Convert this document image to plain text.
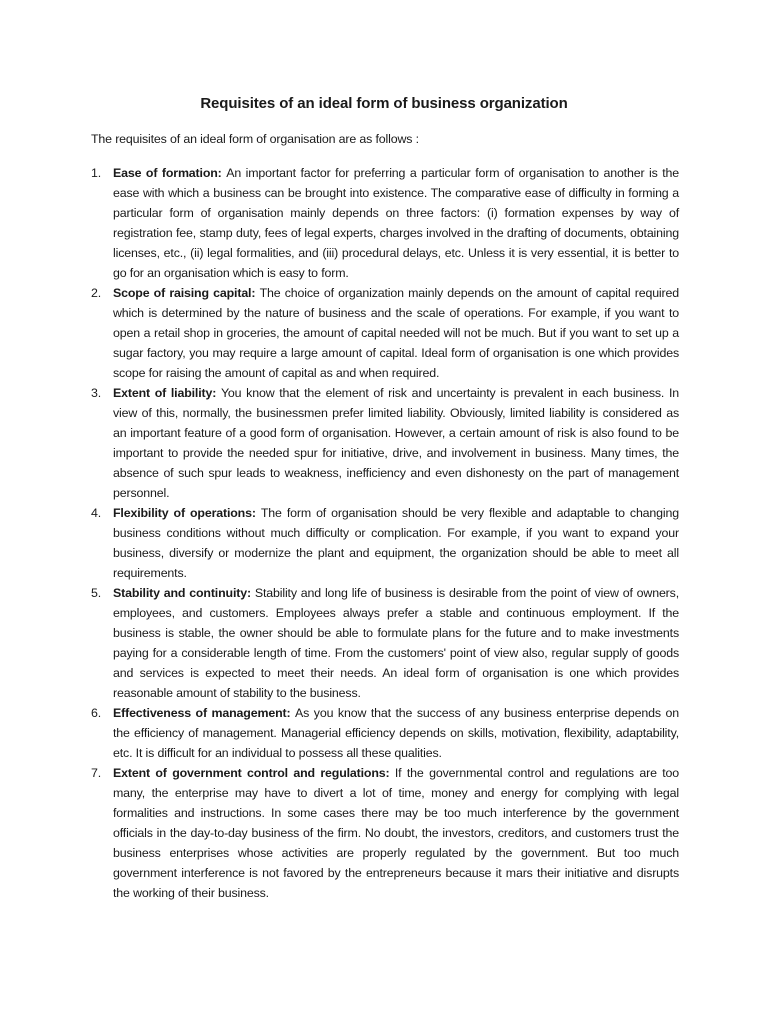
Requisites of an ideal form of business organization
The requisites of an ideal form of organisation are as follows :
1. Ease of formation: An important factor for preferring a particular form of organisation to another is the ease with which a business can be brought into existence. The comparative ease of difficulty in forming a particular form of organisation mainly depends on three factors: (i) formation expenses by way of registration fee, stamp duty, fees of legal experts, charges involved in the drafting of documents, obtaining licenses, etc., (ii) legal formalities, and (iii) procedural delays, etc. Unless it is very essential, it is better to go for an organisation which is easy to form.
2. Scope of raising capital: The choice of organization mainly depends on the amount of capital required which is determined by the nature of business and the scale of operations. For example, if you want to open a retail shop in groceries, the amount of capital needed will not be much. But if you want to set up a sugar factory, you may require a large amount of capital. Ideal form of organisation is one which provides scope for raising the amount of capital as and when required.
3. Extent of liability: You know that the element of risk and uncertainty is prevalent in each business. In view of this, normally, the businessmen prefer limited liability. Obviously, limited liability is considered as an important feature of a good form of organisation. However, a certain amount of risk is also found to be important to provide the needed spur for initiative, drive, and involvement in business. Many times, the absence of such spur leads to weakness, inefficiency and even dishonesty on the part of management personnel.
4. Flexibility of operations: The form of organisation should be very flexible and adaptable to changing business conditions without much difficulty or complication. For example, if you want to expand your business, diversify or modernize the plant and equipment, the organization should be able to meet all requirements.
5. Stability and continuity: Stability and long life of business is desirable from the point of view of owners, employees, and customers. Employees always prefer a stable and continuous employment. If the business is stable, the owner should be able to formulate plans for the future and to make investments paying for a considerable length of time. From the customers' point of view also, regular supply of goods and services is expected to meet their needs. An ideal form of organisation is one which provides reasonable amount of stability to the business.
6. Effectiveness of management: As you know that the success of any business enterprise depends on the efficiency of management. Managerial efficiency depends on skills, motivation, flexibility, adaptability, etc. It is difficult for an individual to possess all these qualities.
7. Extent of government control and regulations: If the governmental control and regulations are too many, the enterprise may have to divert a lot of time, money and energy for complying with legal formalities and instructions. In some cases there may be too much interference by the government officials in the day-to-day business of the firm. No doubt, the investors, creditors, and customers trust the business enterprises whose activities are properly regulated by the government. But too much government interference is not favored by the entrepreneurs because it mars their initiative and disrupts the working of their business.
